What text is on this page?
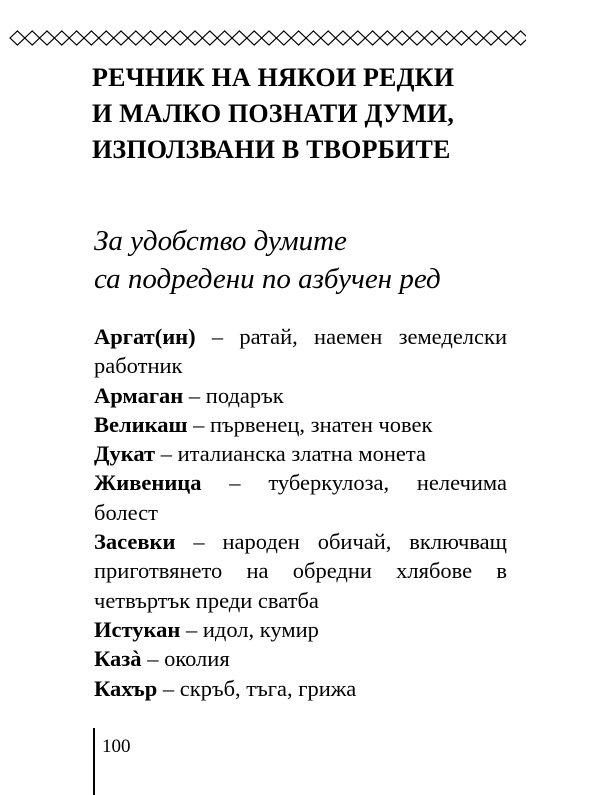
РЕЧНИК НА НЯКОИ РЕДКИ
И МАЛКО ПОЗНАТИ ДУМИ,
ИЗПОЛЗВАНИ В ТВОРБИТЕ
За удобство думите
са подредени по азбучен ред
Аргат(ин) – ратай, наемен земеделски работник
Армаган – подарък
Великаш – първенец, знатен човек
Дукат – италианска златна монета
Живеница – туберкулоза, нелечима болест
Засевки – народен обичай, включващ приготвянето на обредни хлябове в четвъртък преди сватба
Истукан – идол, кумир
Казà – околия
Кахър – скръб, тъга, грижа
100
